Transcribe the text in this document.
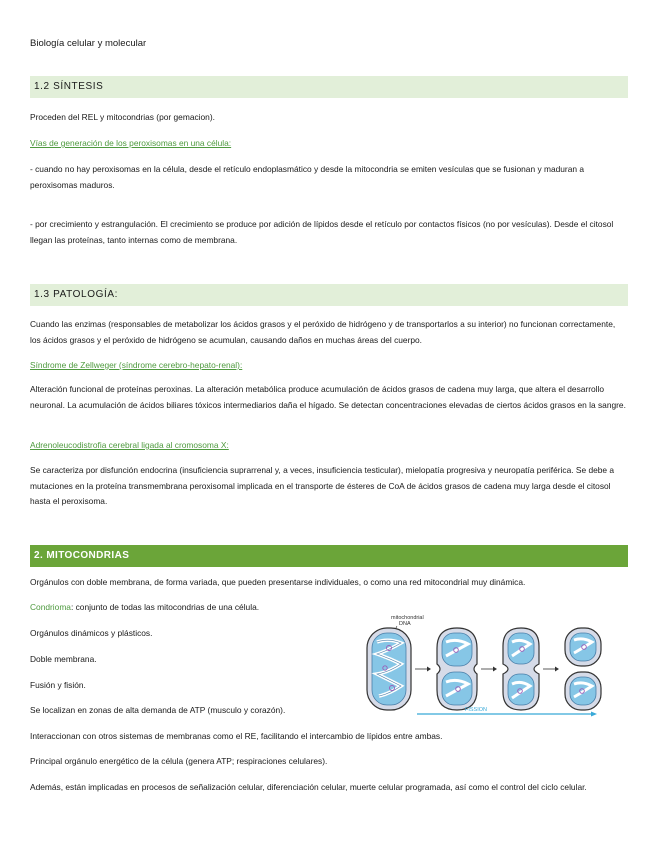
Biología celular y molecular
1.2 SÍNTESIS
Proceden del REL y mitocondrias (por gemacion).
Vías de generación de los peroxisomas en una célula:
- cuando no hay peroxisomas en la célula, desde el retículo endoplasmático y desde la mitocondria se emiten vesículas que se fusionan y maduran a peroxisomas maduros.
- por crecimiento y estrangulación. El crecimiento se produce por adición de lípidos desde el retículo por contactos físicos (no por vesículas). Desde el citosol llegan las proteínas, tanto internas como de membrana.
1.3 PATOLOGÍA:
Cuando las enzimas (responsables de metabolizar los ácidos grasos y el peróxido de hidrógeno y de transportarlos a su interior) no funcionan correctamente, los ácidos grasos y el peróxido de hidrógeno se acumulan, causando daños en muchas áreas del cuerpo.
Síndrome de Zellweger (síndrome cerebro-hepato-renal):
Alteración funcional de proteínas peroxinas. La alteración metabólica produce acumulación de ácidos grasos de cadena muy larga, que altera el desarrollo neuronal. La acumulación de ácidos biliares tóxicos intermediarios daña el hígado. Se detectan concentraciones elevadas de ciertos ácidos grasos en la sangre.
Adrenoleucodistrofia cerebral ligada al cromosoma X:
Se caracteriza por disfunción endocrina (insuficiencia suprarrenal y, a veces, insuficiencia testicular), mielopatía progresiva y neuropatía periférica. Se debe a mutaciones en la proteína transmembrana peroxisomal implicada en el transporte de ésteres de CoA de ácidos grasos de cadena muy larga desde el citosol hasta el peroxisoma.
2. MITOCONDRIAS
Orgánulos con doble membrana, de forma variada, que pueden presentarse individuales, o como una red mitocondrial muy dinámica.
Condrioma: conjunto de todas las mitocondrias de una célula.
Orgánulos dinámicos y plásticos.
Doble membrana.
Fusión y fisión.
Se localizan en zonas de alta demanda de ATP (musculo y corazón).
Interaccionan con otros sistemas de membranas como el RE, facilitando el intercambio de lípidos entre ambas.
Principal orgánulo energético de la célula (genera ATP; respiraciones celulares).
Además, están implicadas en procesos de señalización celular, diferenciación celular, muerte celular programada, así como el control del ciclo celular.
mitochondrial
DNA
FISSION
